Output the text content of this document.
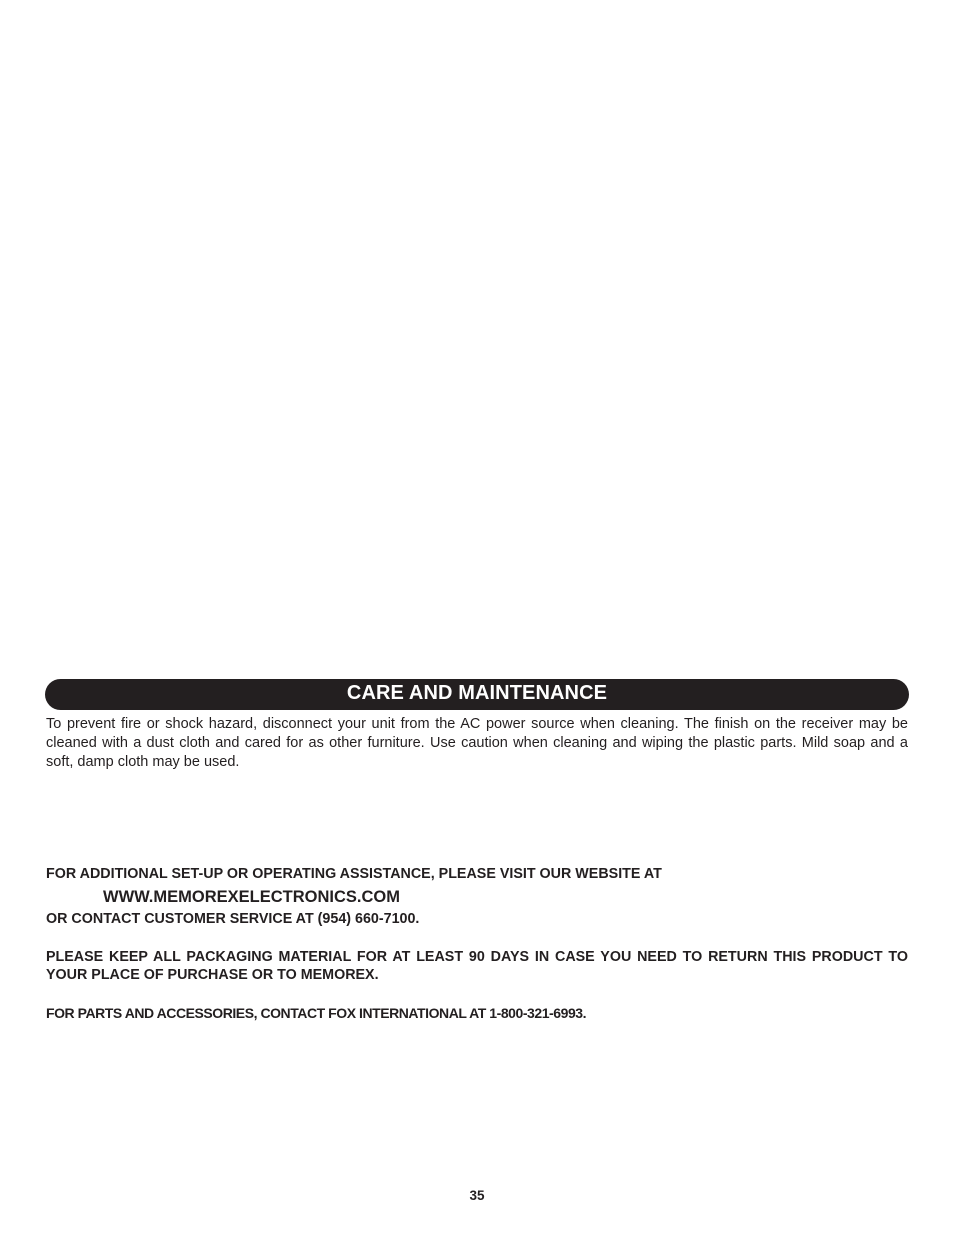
CARE AND MAINTENANCE

To prevent fire or shock hazard, disconnect your unit from the AC power source when cleaning. The finish on the receiver may be cleaned with a dust cloth and cared for as other furniture. Use caution when cleaning and wiping the plastic parts. Mild soap and a soft, damp cloth may be used.

FOR ADDITIONAL SET-UP OR OPERATING ASSISTANCE, PLEASE VISIT OUR WEBSITE AT

WWW.MEMOREXELECTRONICS.COM

OR CONTACT CUSTOMER SERVICE AT (954) 660-7100.

PLEASE KEEP ALL PACKAGING MATERIAL FOR AT LEAST 90 DAYS IN CASE YOU NEED TO RETURN THIS PRODUCT TO YOUR PLACE OF PURCHASE OR TO MEMOREX.

FOR PARTS AND ACCESSORIES, CONTACT FOX INTERNATIONAL AT 1-800-321-6993.

35
